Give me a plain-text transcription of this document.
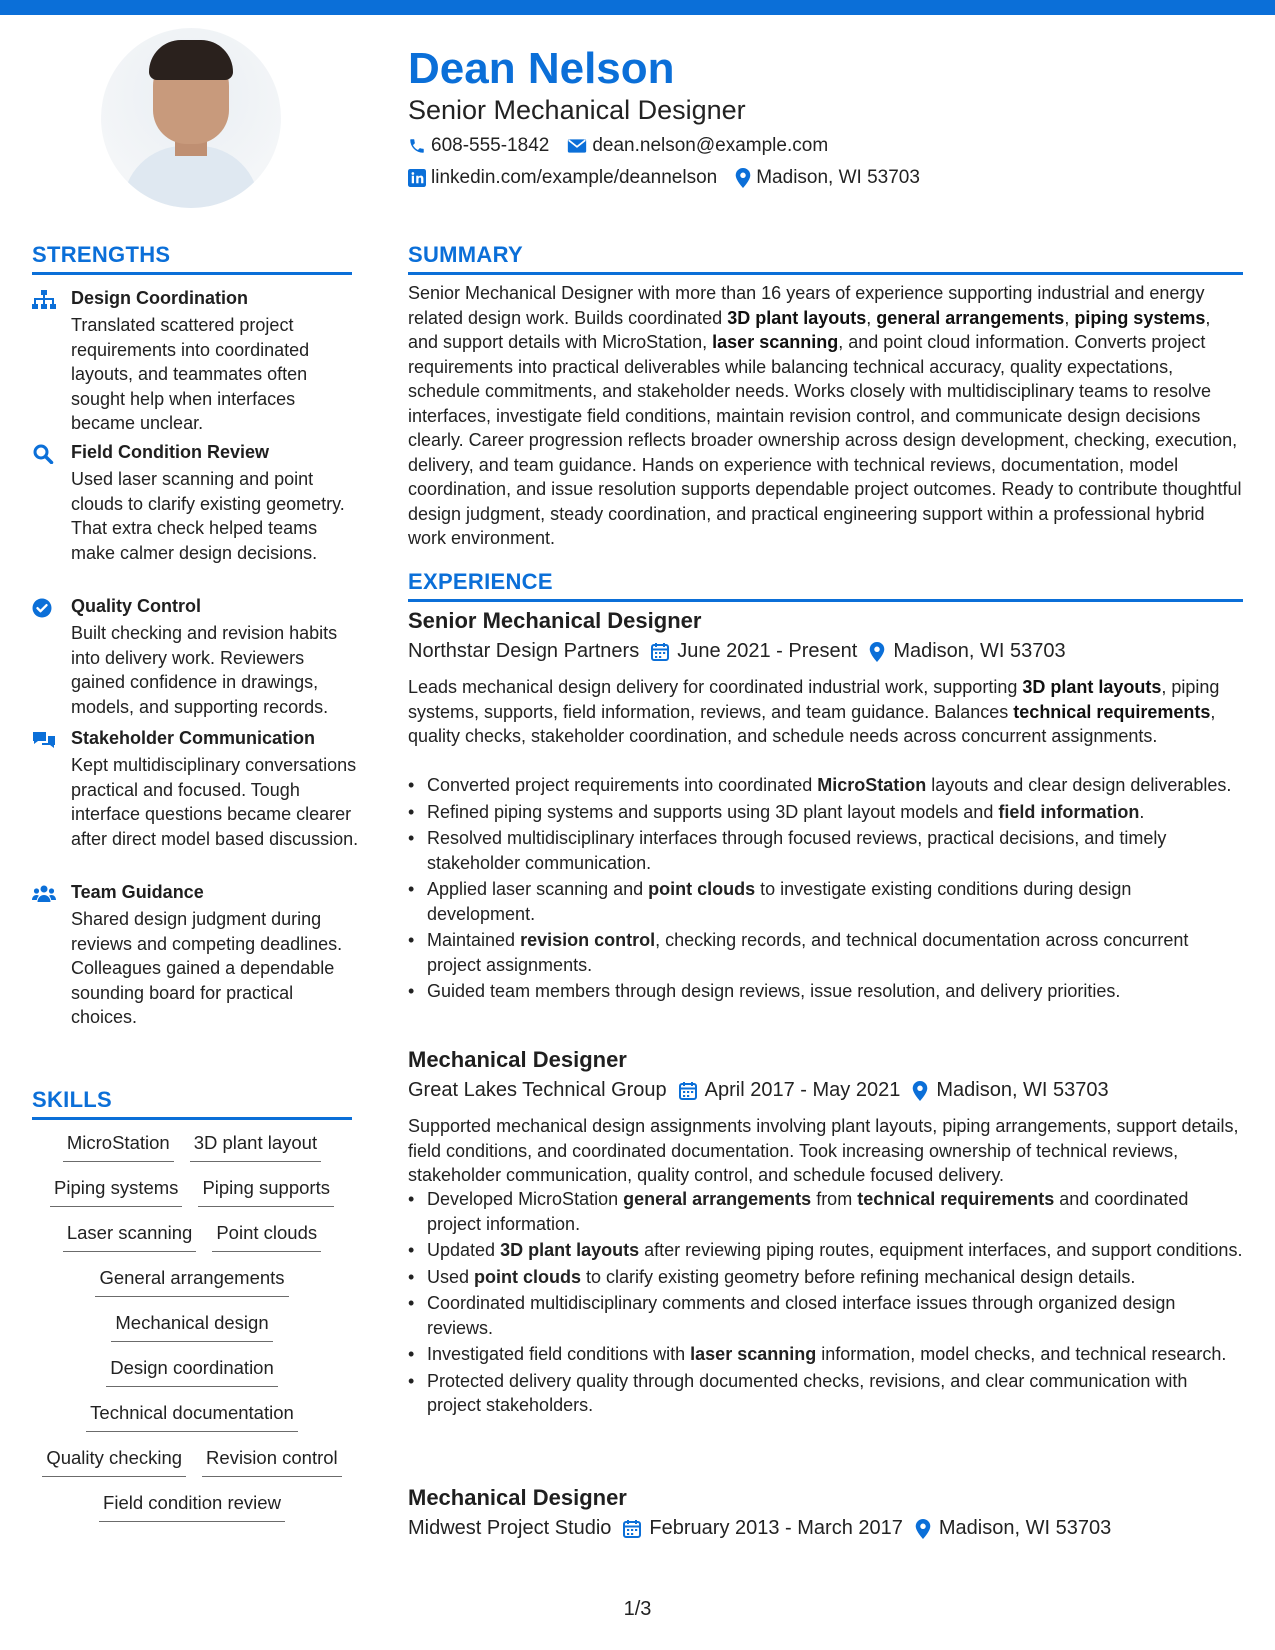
Dean Nelson
Senior Mechanical Designer
608-555-1842 dean.nelson@example.com
linkedin.com/example/deannelson Madison, WI 53703
STRENGTHS
Design Coordination
Translated scattered project requirements into coordinated layouts, and teammates often sought help when interfaces became unclear.
Field Condition Review
Used laser scanning and point clouds to clarify existing geometry. That extra check helped teams make calmer design decisions.
Quality Control
Built checking and revision habits into delivery work. Reviewers gained confidence in drawings, models, and supporting records.
Stakeholder Communication
Kept multidisciplinary conversations practical and focused. Tough interface questions became clearer after direct model based discussion.
Team Guidance
Shared design judgment during reviews and competing deadlines. Colleagues gained a dependable sounding board for practical choices.
SKILLS
MicroStation 3D plant layout
Piping systems Piping supports
Laser scanning Point clouds
General arrangements
Mechanical design
Design coordination
Technical documentation
Quality checking Revision control
Field condition review
SUMMARY
Senior Mechanical Designer with more than 16 years of experience supporting industrial and energy related design work. Builds coordinated 3D plant layouts, general arrangements, piping systems, and support details with MicroStation, laser scanning, and point cloud information. Converts project requirements into practical deliverables while balancing technical accuracy, quality expectations, schedule commitments, and stakeholder needs. Works closely with multidisciplinary teams to resolve interfaces, investigate field conditions, maintain revision control, and communicate design decisions clearly. Career progression reflects broader ownership across design development, checking, execution, delivery, and team guidance. Hands on experience with technical reviews, documentation, model coordination, and issue resolution supports dependable project outcomes. Ready to contribute thoughtful design judgment, steady coordination, and practical engineering support within a professional hybrid work environment.
EXPERIENCE
Senior Mechanical Designer
Northstar Design Partners June 2021 - Present Madison, WI 53703
Leads mechanical design delivery for coordinated industrial work, supporting 3D plant layouts, piping systems, supports, field information, reviews, and team guidance. Balances technical requirements, quality checks, stakeholder coordination, and schedule needs across concurrent assignments.
• Converted project requirements into coordinated MicroStation layouts and clear design deliverables.
• Refined piping systems and supports using 3D plant layout models and field information.
• Resolved multidisciplinary interfaces through focused reviews, practical decisions, and timely stakeholder communication.
• Applied laser scanning and point clouds to investigate existing conditions during design development.
• Maintained revision control, checking records, and technical documentation across concurrent project assignments.
• Guided team members through design reviews, issue resolution, and delivery priorities.
Mechanical Designer
Great Lakes Technical Group April 2017 - May 2021 Madison, WI 53703
Supported mechanical design assignments involving plant layouts, piping arrangements, support details, field conditions, and coordinated documentation. Took increasing ownership of technical reviews, stakeholder communication, quality control, and schedule focused delivery.
• Developed MicroStation general arrangements from technical requirements and coordinated project information.
• Updated 3D plant layouts after reviewing piping routes, equipment interfaces, and support conditions.
• Used point clouds to clarify existing geometry before refining mechanical design details.
• Coordinated multidisciplinary comments and closed interface issues through organized design reviews.
• Investigated field conditions with laser scanning information, model checks, and technical research.
• Protected delivery quality through documented checks, revisions, and clear communication with project stakeholders.
Mechanical Designer
Midwest Project Studio February 2013 - March 2017 Madison, WI 53703
1/3
